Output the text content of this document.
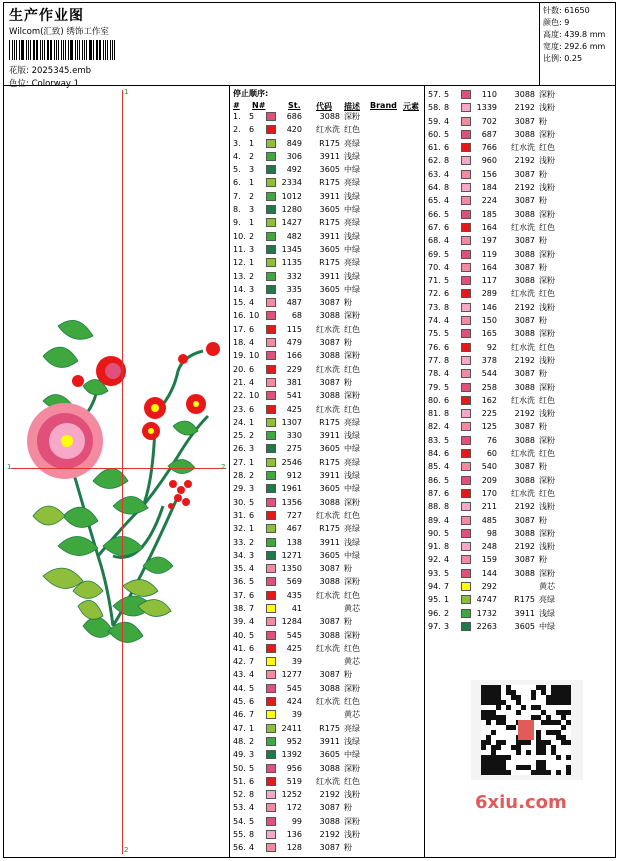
生产作业图
Wilcom(汇致) 绣饰工作室
花版: 2025345.emb
色位: Colorway 1
针数: 61650
颜色: 9
高度: 439.8 mm
宽度: 292.6 mm
比例: 0.25
1
1	2
2
停止顺序:
# N#	St. 代码 描述 Brand 元素
1. 5	686	3088 深粉
2. 6	420	红水洗 红色
3. 1	849	R175 亮绿
4. 2	306	3911 浅绿
5. 3	492	3605 中绿
6. 1	2334	R175 亮绿
7. 2	1012	3911 浅绿
8. 3	1280	3605 中绿
9. 1	1427	R175 亮绿
10. 2	482	3911 浅绿
11. 3	1345	3605 中绿
12. 1	1135	R175 亮绿
13. 2	332	3911 浅绿
14. 3	335	3605 中绿
15. 4	487	3087 粉
16. 10	68	3088 深粉
17. 6	115	红水洗 红色
18. 4	479	3087 粉
19. 10	166	3088 深粉
20. 6	229	红水洗 红色
21. 4	381	3087 粉
22. 10	541	3088 深粉
23. 6	425	红水洗 红色
24. 1	1307	R175 亮绿
25. 2	330	3911 浅绿
26. 3	275	3605 中绿
27. 1	2546	R175 亮绿
28. 2	912	3911 浅绿
29. 3	1961	3605 中绿
30. 5	1356	3088 深粉
31. 6	727	红水洗 红色
32. 1	467	R175 亮绿
33. 2	138	3911 浅绿
34. 3	1271	3605 中绿
35. 4	1350	3087 粉
36. 5	569	3088 深粉
37. 6	435	红水洗 红色
38. 7	41	黄芯
39. 4	1284	3087 粉
40. 5	545	3088 深粉
41. 6	425	红水洗 红色
42. 7	39	黄芯
43. 4	1277	3087 粉
44. 5	545	3088 深粉
45. 6	424	红水洗 红色
46. 7	39	黄芯
47. 1	2411	R175 亮绿
48. 2	952	3911 浅绿
49. 3	1392	3605 中绿
50. 5	956	3088 深粉
51. 6	519	红水洗 红色
52. 8	1252	2192 浅粉
53. 4	172	3087 粉
54. 5	99	3088 深粉
55. 8	136	2192 浅粉
56. 4	128	3087 粉
57. 5	110	3088 深粉
58. 8	1339	2192 浅粉
59. 4	702	3087 粉
60. 5	687	3088 深粉
61. 6	766	红水洗 红色
62. 8	960	2192 浅粉
63. 4	156	3087 粉
64. 8	184	2192 浅粉
65. 4	224	3087 粉
66. 5	185	3088 深粉
67. 6	164	红水洗 红色
68. 4	197	3087 粉
69. 5	119	3088 深粉
70. 4	164	3087 粉
71. 5	117	3088 深粉
72. 6	289	红水洗 红色
73. 8	146	2192 浅粉
74. 4	150	3087 粉
75. 5	165	3088 深粉
76. 6	92	红水洗 红色
77. 8	378	2192 浅粉
78. 4	544	3087 粉
79. 5	258	3088 深粉
80. 6	162	红水洗 红色
81. 8	225	2192 浅粉
82. 4	125	3087 粉
83. 5	76	3088 深粉
84. 6	60	红水洗 红色
85. 4	540	3087 粉
86. 5	209	3088 深粉
87. 6	170	红水洗 红色
88. 8	211	2192 浅粉
89. 4	485	3087 粉
90. 5	98	3088 深粉
91. 8	248	2192 浅粉
92. 4	159	3087 粉
93. 5	144	3088 深粉
94. 7	292	黄芯
95. 1	4747	R175 亮绿
96. 2	1732	3911 浅绿
97. 3	2263	3605 中绿
6xiu.com
